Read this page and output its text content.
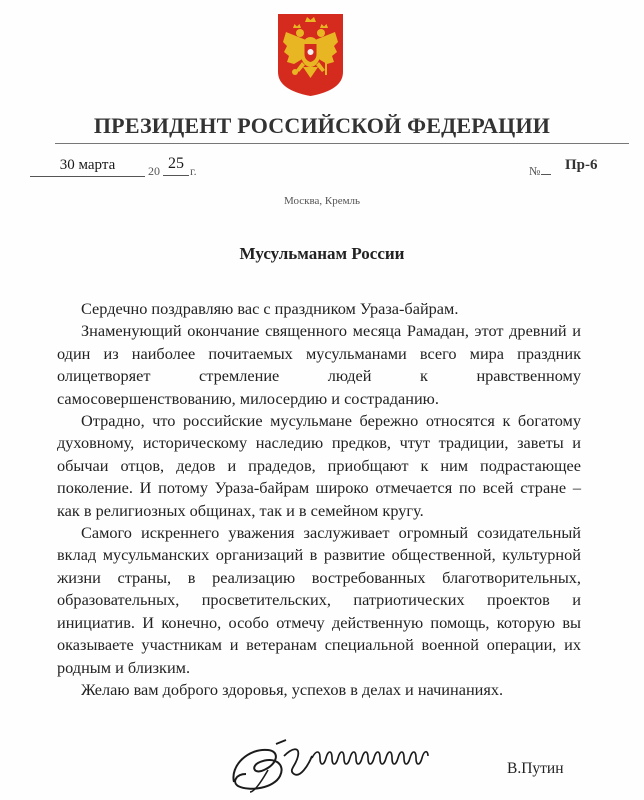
ПРЕЗИДЕНТ РОССИЙСКОЙ ФЕДЕРАЦИИ
30 марта	20 25 г.	№ Пр-6
Москва, Кремль
Мусульманам России

Сердечно поздравляю вас с праздником Ураза-байрам.

Знаменующий окончание священного месяца Рамадан, этот древний и один из наиболее почитаемых мусульманами всего мира праздник олицетворяет стремление людей к нравственному самосовершенствованию, милосердию и состраданию.

Отрадно, что российские мусульмане бережно относятся к богатому духовному, историческому наследию предков, чтут традиции, заветы и обычаи отцов, дедов и прадедов, приобщают к ним подрастающее поколение. И потому Ураза-байрам широко отмечается по всей стране – как в религиозных общинах, так и в семейном кругу.

Самого искреннего уважения заслуживает огромный созидательный вклад мусульманских организаций в развитие общественной, культурной жизни страны, в реализацию востребованных благотворительных, образовательных, просветительских, патриотических проектов и инициатив. И конечно, особо отмечу действенную помощь, которую вы оказываете участникам и ветеранам специальной военной операции, их родным и близким.

Желаю вам доброго здоровья, успехов в делах и начинаниях.

В.Путин
